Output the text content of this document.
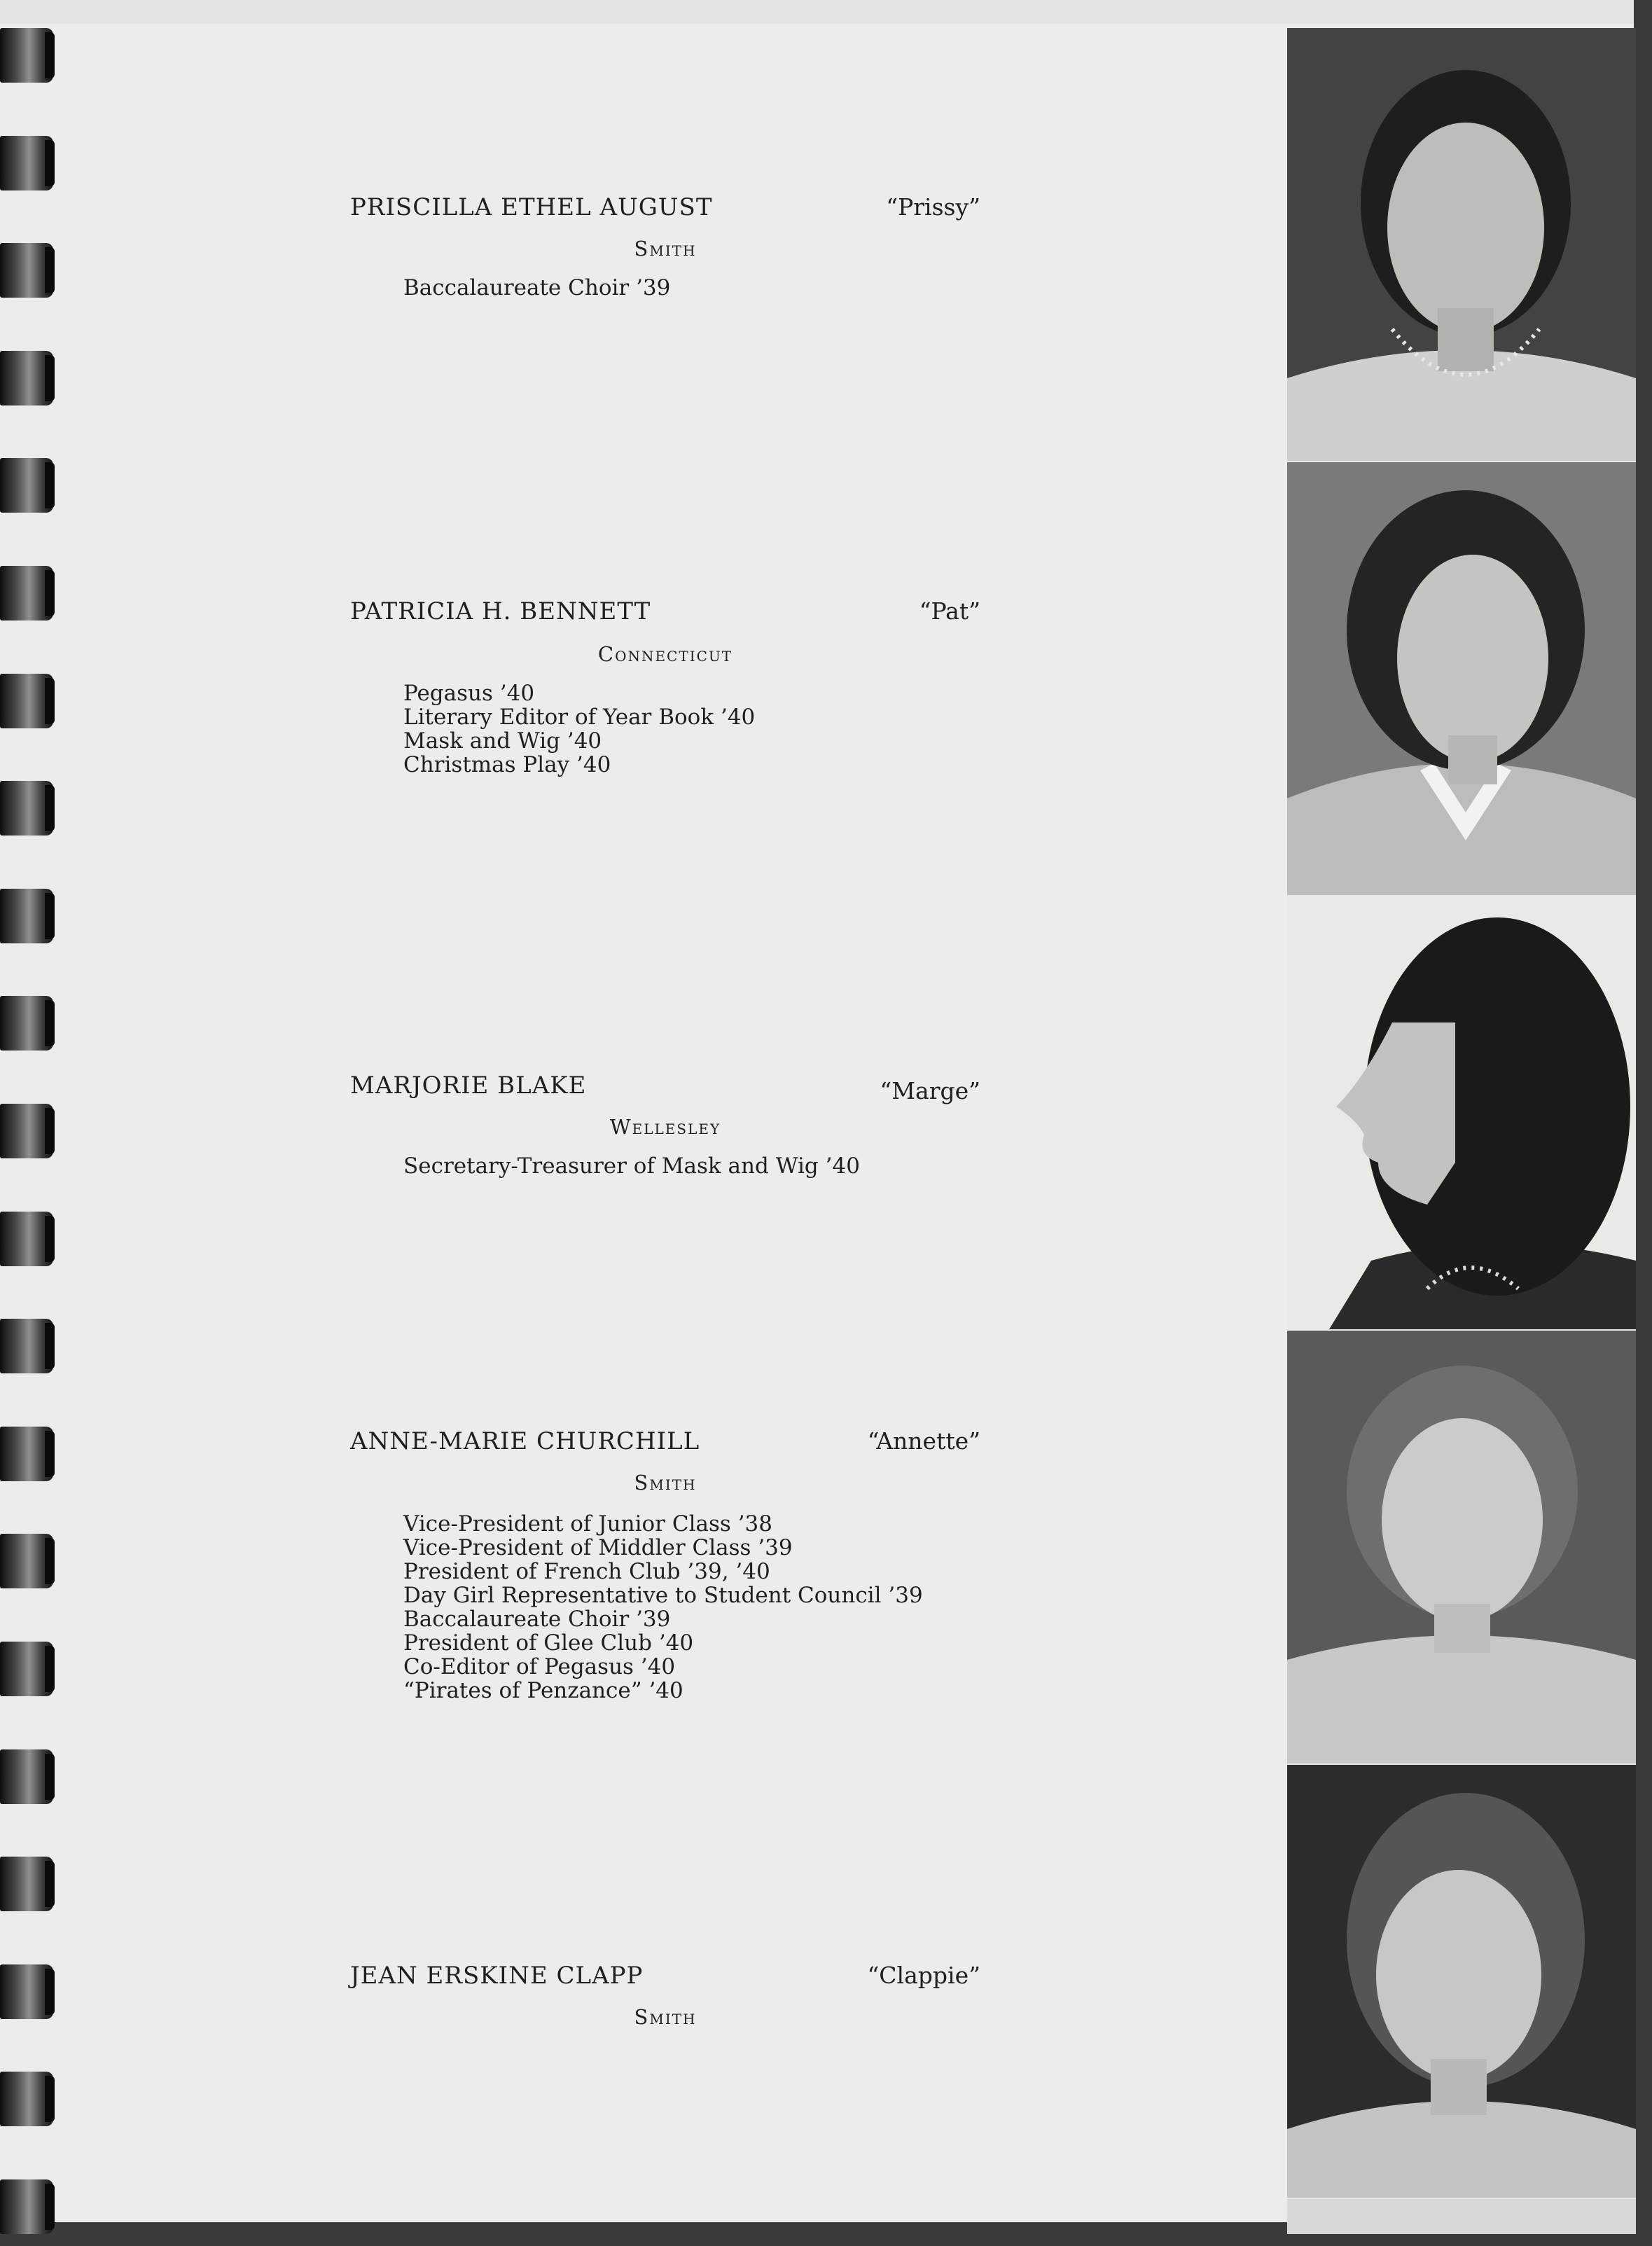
PRISCILLA ETHEL AUGUST	“Prissy”
Smith
Baccalaureate Choir ’39
PATRICIA H. BENNETT	“Pat”
Connecticut
Pegasus ’40
Literary Editor of Year Book ’40
Mask and Wig ’40
Christmas Play ’40
MARJORIE BLAKE	“Marge”
Wellesley
Secretary-Treasurer of Mask and Wig ’40
ANNE-MARIE CHURCHILL	“Annette”
Smith
Vice-President of Junior Class ’38
Vice-President of Middler Class ’39
President of French Club ’39, ’40
Day Girl Representative to Student Council ’39
Baccalaureate Choir ’39
President of Glee Club ’40
Co-Editor of Pegasus ’40
“Pirates of Penzance” ’40
JEAN ERSKINE CLAPP	“Clappie”
Smith
